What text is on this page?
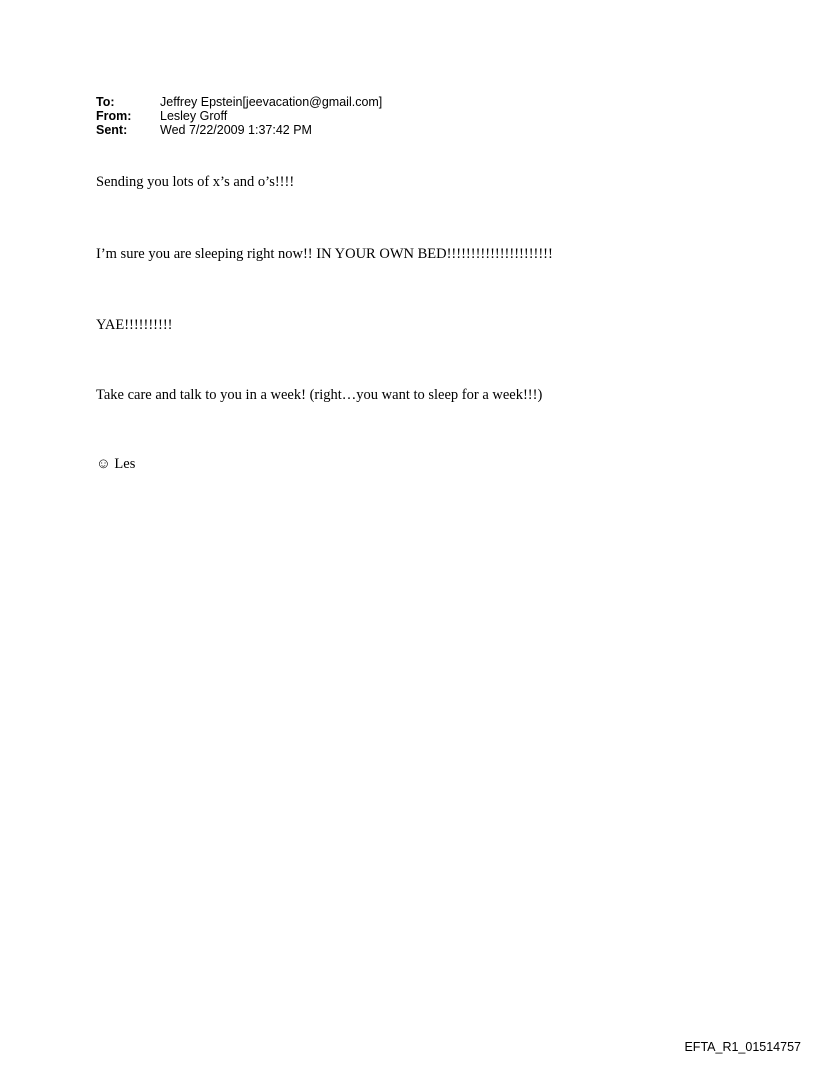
To:	Jeffrey Epstein[jeevacation@gmail.com]
From:	Lesley Groff
Sent:	Wed 7/22/2009 1:37:42 PM
Sending you lots of x’s and o’s!!!!
I’m sure you are sleeping right now!! IN YOUR OWN BED!!!!!!!!!!!!!!!!!!!!!!
YAE!!!!!!!!!!
Take care and talk to you in a week! (right…you want to sleep for a week!!!)
☺ Les
EFTA_R1_01514757
